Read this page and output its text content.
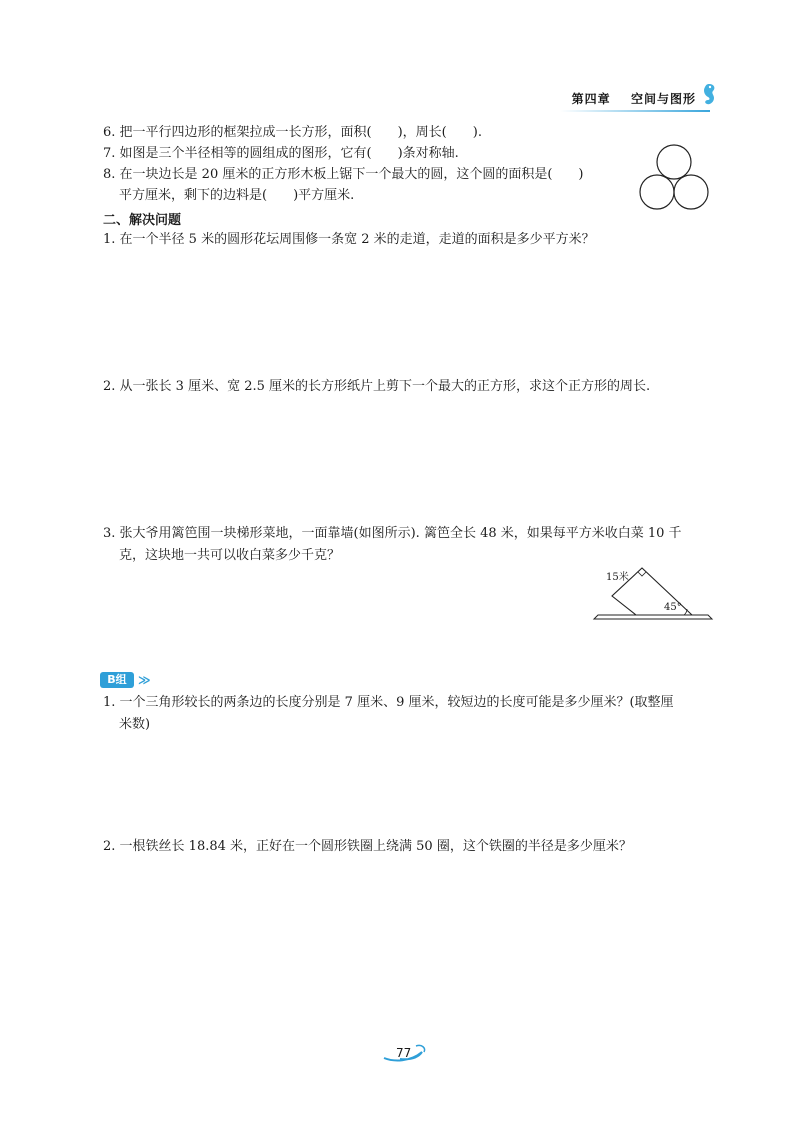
第四章 空间与图形
6. 把一平行四边形的框架拉成一长方形，面积(　　)，周长(　　).
7. 如图是三个半径相等的圆组成的图形，它有(　　)条对称轴.
8. 在一块边长是 20 厘米的正方形木板上锯下一个最大的圆，这个圆的面积是(　　)
平方厘米，剩下的边料是(　　)平方厘米.
二、解决问题
1. 在一个半径 5 米的圆形花坛周围修一条宽 2 米的走道，走道的面积是多少平方米？
2. 从一张长 3 厘米、宽 2.5 厘米的长方形纸片上剪下一个最大的正方形，求这个正方形的周长.
3. 张大爷用篱笆围一块梯形菜地，一面靠墙(如图所示). 篱笆全长 48 米，如果每平方米收白菜 10 千
克，这块地一共可以收白菜多少千克？
15米
45°
B组 ≫
1. 一个三角形较长的两条边的长度分别是 7 厘米、9 厘米，较短边的长度可能是多少厘米？(取整厘
米数)
2. 一根铁丝长 18.84 米，正好在一个圆形铁圈上绕满 50 圈，这个铁圈的半径是多少厘米？
77
